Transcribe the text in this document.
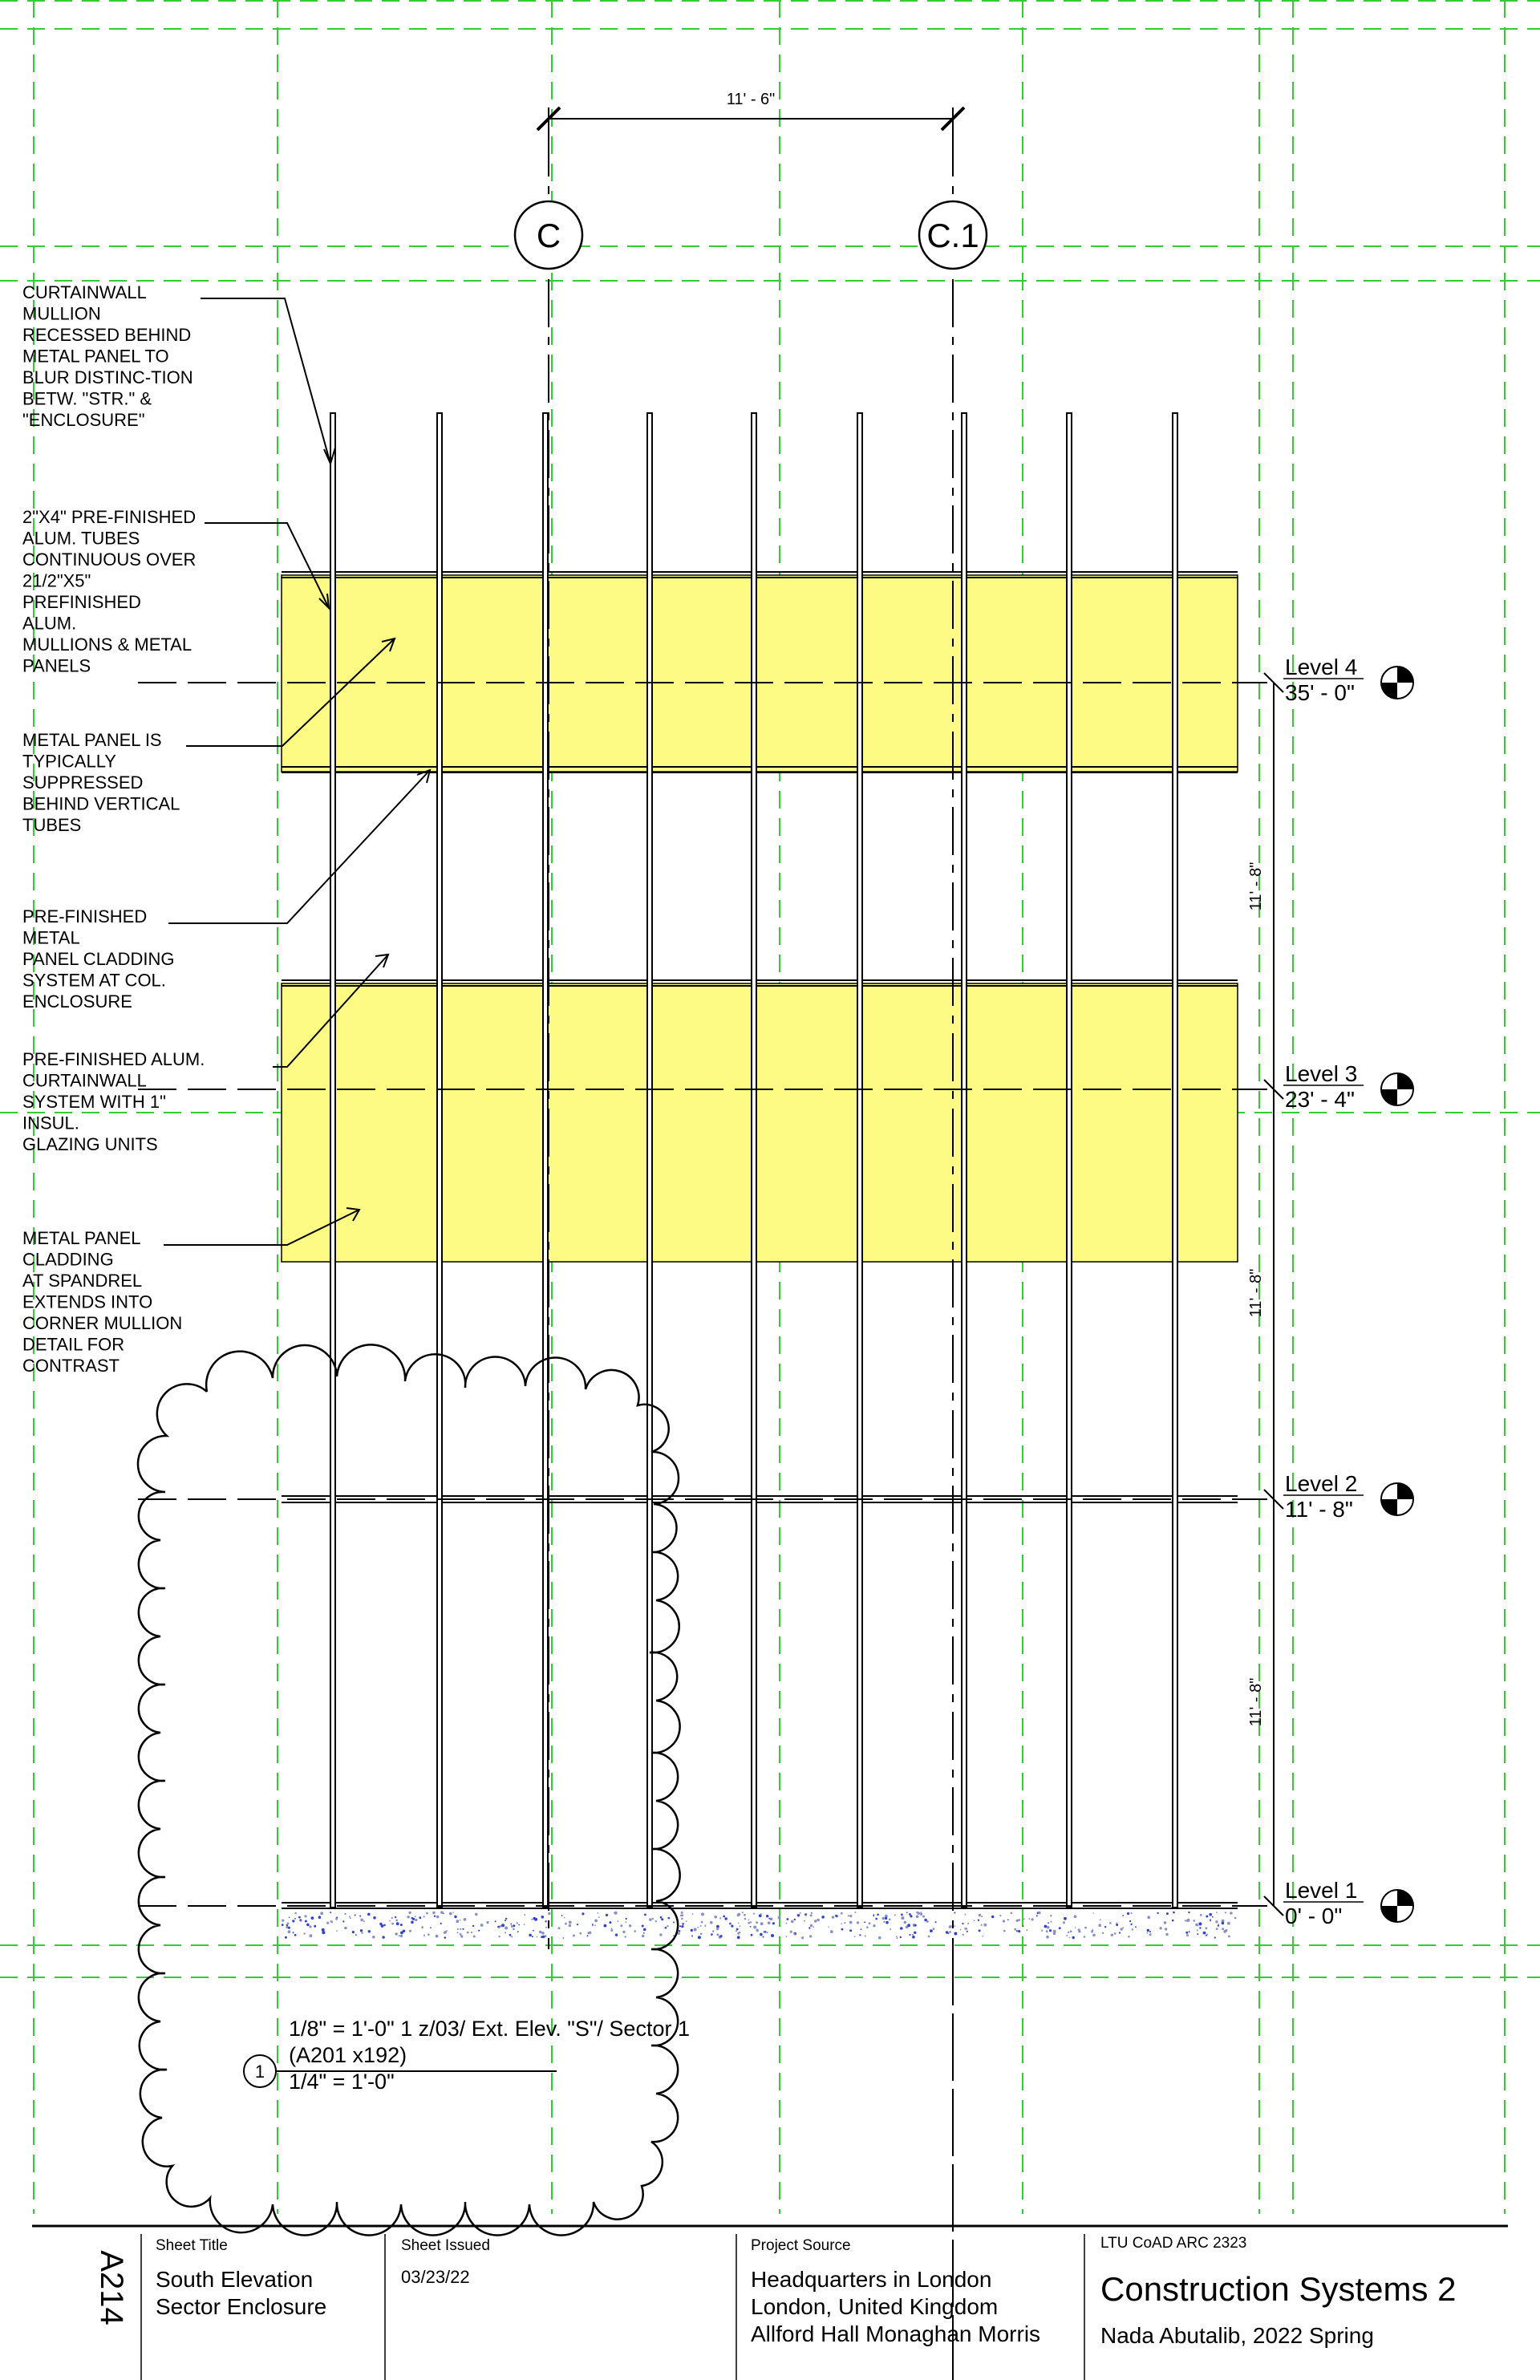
11' - 6"
C	C.1
11' - 8"
11' - 8"
11' - 8"
Level 4
35' - 0"
Level 3
23' - 4"
Level 2
11' - 8"
Level 1
0' - 0"
CURTAINWALL MULLION RECESSED BEHIND METAL PANEL TO BLUR DISTINC-TION BETW. "STR." & "ENCLOSURE"
2"X4" PRE-FINISHED ALUM. TUBES CONTINUOUS OVER 21/2"X5" PREFINISHED ALUM. MULLIONS & METAL PANELS
METAL PANEL IS TYPICALLY SUPPRESSED BEHIND VERTICAL TUBES
PRE-FINISHED METAL PANEL CLADDING SYSTEM AT COL. ENCLOSURE
PRE-FINISHED ALUM. CURTAINWALL SYSTEM WITH 1" INSUL. GLAZING UNITS
METAL PANEL CLADDING AT SPANDREL EXTENDS INTO CORNER MULLION DETAIL FOR CONTRAST
1
1/8" = 1'-0" 1 z/03/ Ext. Elev. "S"/ Sector 1
(A201 x192)
1/4" = 1'-0"
A214
Sheet Title
South Elevation
Sector Enclosure
Sheet Issued
03/23/22
Project Source
Headquarters in London
London, United Kingdom
Allford Hall Monaghan Morris
LTU CoAD ARC 2323
Construction Systems 2
Nada Abutalib, 2022 Spring
